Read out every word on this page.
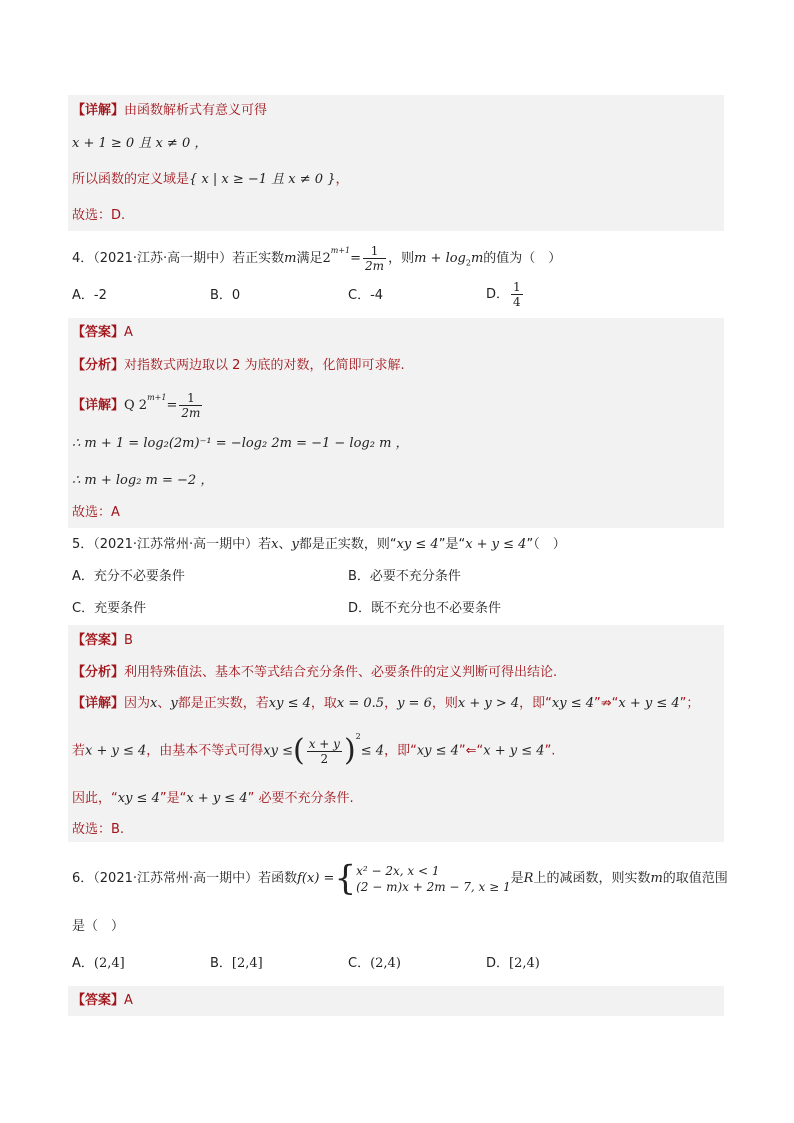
【详解】由函数解析式有意义可得
x + 1 ≥ 0 且 x ≠ 0 ，
所以函数的定义域是{ x | x ≥ −1 且 x ≠ 0 }，
故选：D.
4．（2021·江苏·高一期中）若正实数m满足$2^{m+1}= \frac{1}{2m}$ ，则$m + \log_2m$的值为（　）
A．-2	B．0	C．-4	D． $\frac{1}{4}$
【答案】A
【分析】对指数式两边取以 2 为底的对数，化简即可求解.
【详解】Q $2^{m+1}= \frac{1}{2m}$
∴ m + 1 = log₂(2m)⁻¹ = −log₂ 2m = −1 − log₂ m ，
∴ m + log₂ m = −2 ，
故选：A
5．（2021·江苏常州·高一期中）若x、y都是正实数，则“xy ≤ 4”是“x + y ≤ 4”（　）
A．充分不必要条件	B．必要不充分条件
C．充要条件	D．既不充分也不必要条件
【答案】B
【分析】利用特殊值法、基本不等式结合充分条件、必要条件的定义判断可得出结论.
【详解】因为x、y都是正实数，若xy ≤ 4，取x = 0.5，y = 6，则x + y > 4，即“xy ≤ 4”⇏“x + y ≤ 4”；
若x + y ≤ 4，由基本不等式可得xy ≤( $\frac{x + y}{2} )^2\le 4$，即“xy ≤ 4”⇐“x + y ≤ 4”.
因此，“xy ≤ 4”是“x + y ≤ 4” 必要不充分条件.
故选：B.
6．（2021·江苏常州·高一期中）若函数f(x) ={ x² − 2x, x < 1
(2 − m)x + 2m − 7, x ≥ 1
是R上的减函数，则实数m的取值范围
是（　）
A．(2,4]	B．[2,4]	C．(2,4)	D．[2,4)
【答案】A
